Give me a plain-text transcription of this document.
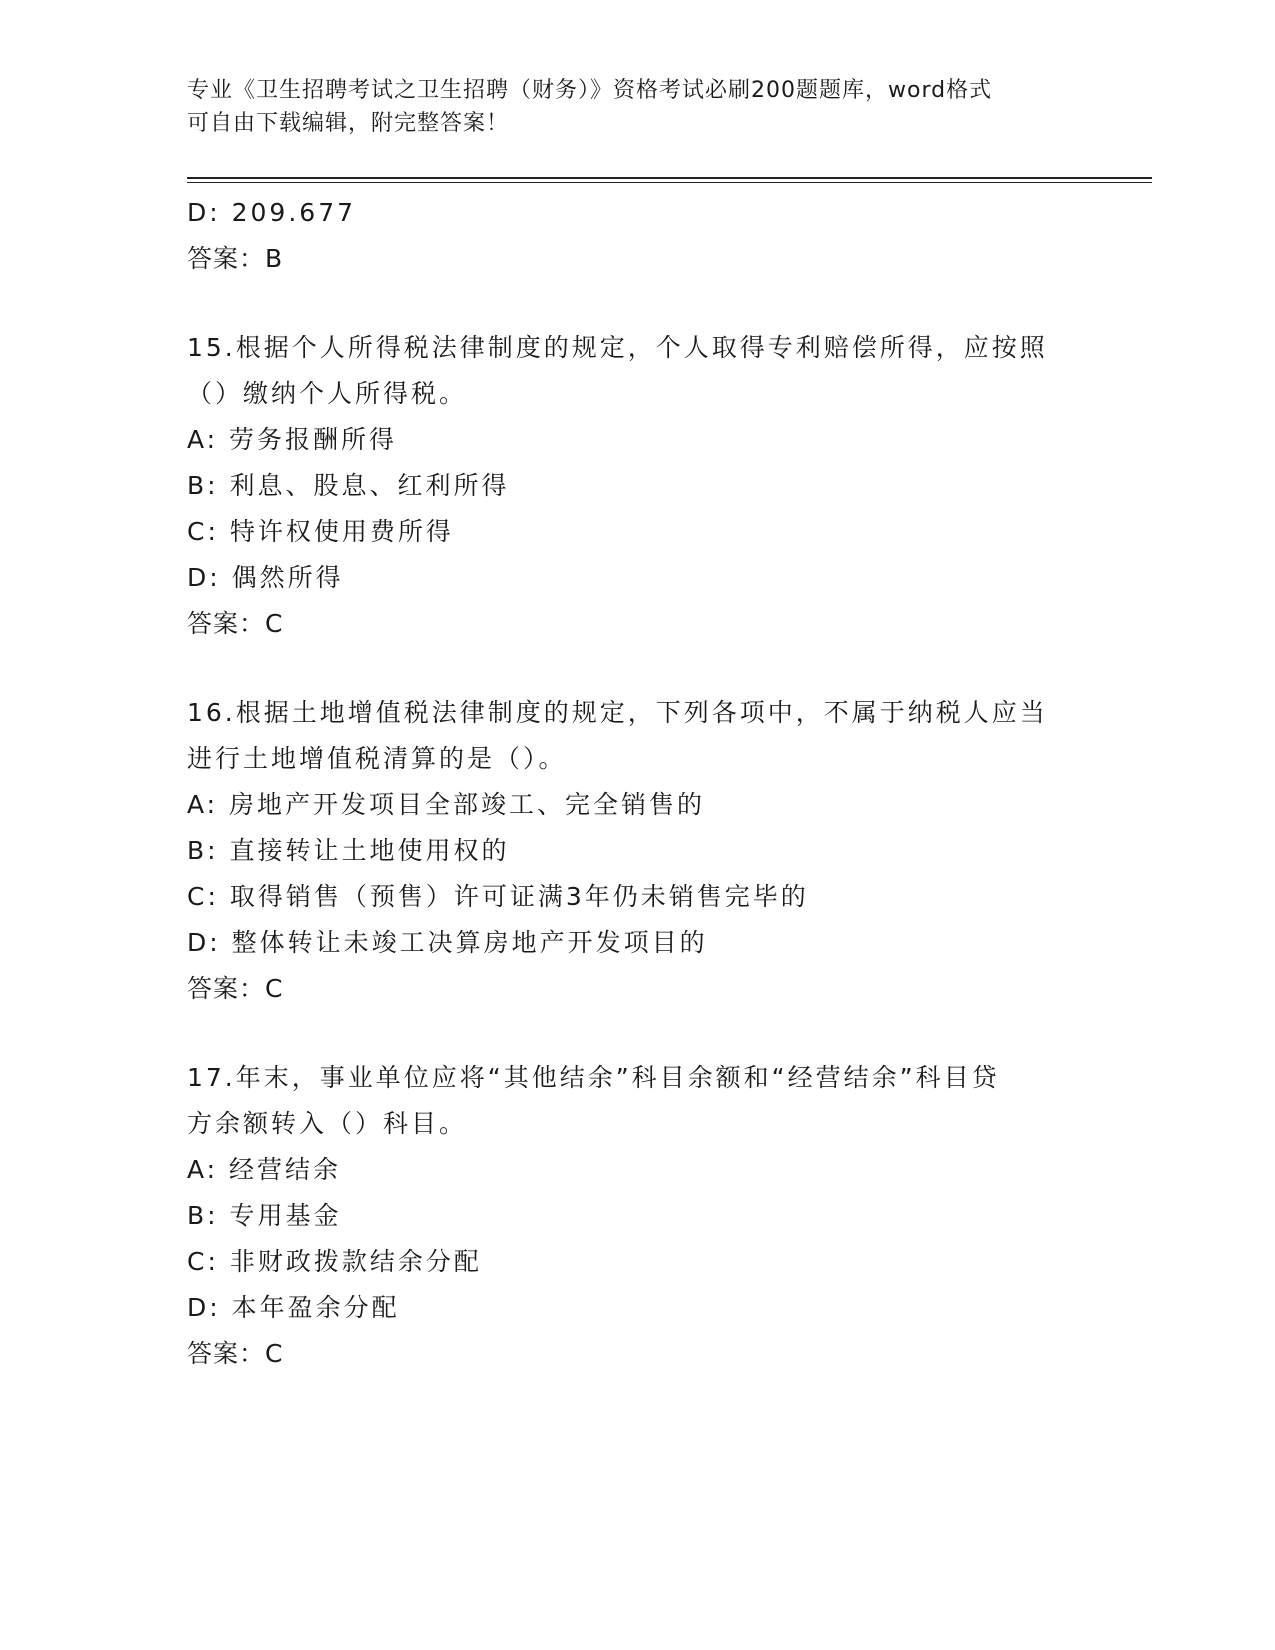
专业《卫生招聘考试之卫生招聘（财务）》资格考试必刷200题题库，word格式
可自由下载编辑，附完整答案！
D: 209.677
答案：B
15.根据个人所得税法律制度的规定，个人取得专利赔偿所得，应按照
（）缴纳个人所得税。
A: 劳务报酬所得
B: 利息、股息、红利所得
C: 特许权使用费所得
D: 偶然所得
答案：C
16.根据土地增值税法律制度的规定，下列各项中，不属于纳税人应当
进行土地增值税清算的是（）。
A: 房地产开发项目全部竣工、完全销售的
B: 直接转让土地使用权的
C: 取得销售（预售）许可证满3年仍未销售完毕的
D: 整体转让未竣工决算房地产开发项目的
答案：C
17.年末，事业单位应将“其他结余”科目余额和“经营结余”科目贷
方余额转入（）科目。
A: 经营结余
B: 专用基金
C: 非财政拨款结余分配
D: 本年盈余分配
答案：C
